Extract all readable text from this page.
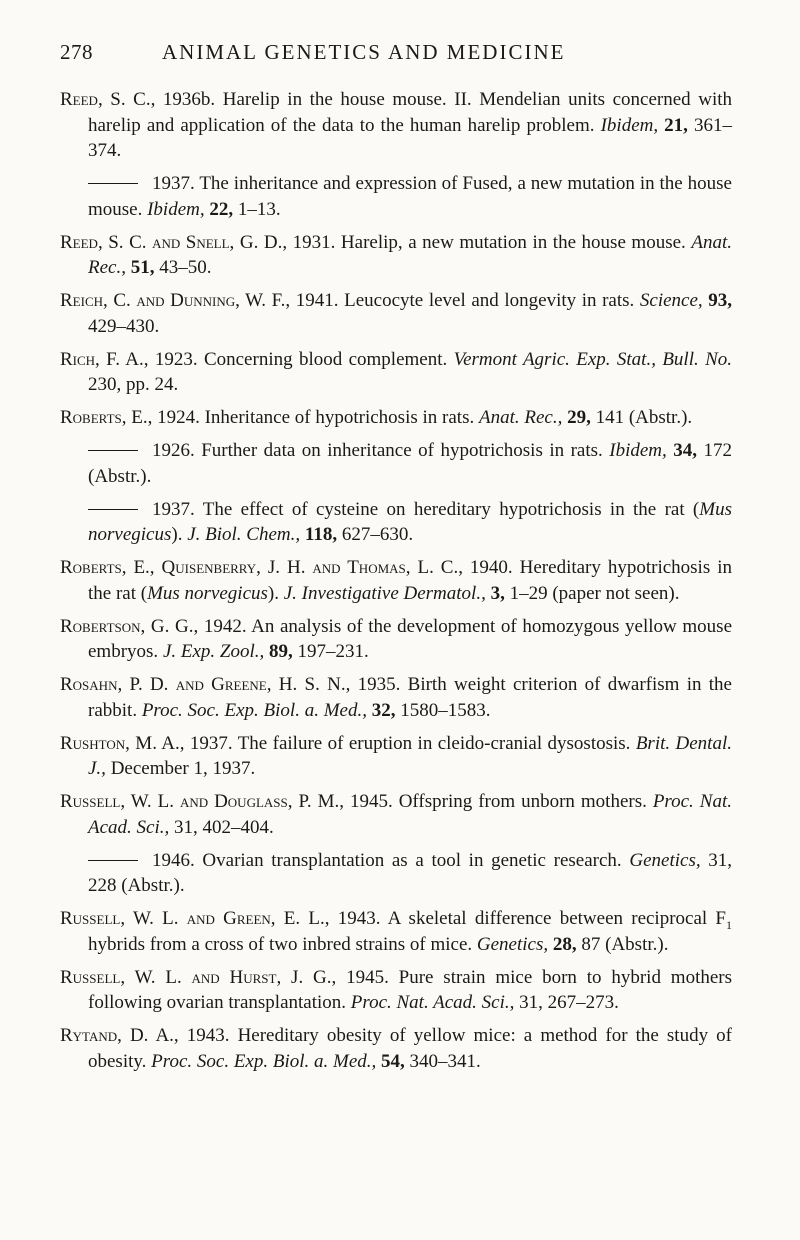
278	ANIMAL GENETICS AND MEDICINE

Reed, S. C., 1936b. Harelip in the house mouse. II. Mendelian units concerned with harelip and application of the data to the human harelip problem. Ibidem, 21, 361–374.

1937. The inheritance and expression of Fused, a new mutation in the house mouse. Ibidem, 22, 1–13.

Reed, S. C. and Snell, G. D., 1931. Harelip, a new mutation in the house mouse. Anat. Rec., 51, 43–50.

Reich, C. and Dunning, W. F., 1941. Leucocyte level and longevity in rats. Science, 93, 429–430.

Rich, F. A., 1923. Concerning blood complement. Vermont Agric. Exp. Stat., Bull. No. 230, pp. 24.

Roberts, E., 1924. Inheritance of hypotrichosis in rats. Anat. Rec., 29, 141 (Abstr.).

1926. Further data on inheritance of hypotrichosis in rats. Ibidem, 34, 172 (Abstr.).

1937. The effect of cysteine on hereditary hypotrichosis in the rat (Mus norvegicus). J. Biol. Chem., 118, 627–630.

Roberts, E., Quisenberry, J. H. and Thomas, L. C., 1940. Hereditary hypotrichosis in the rat (Mus norvegicus). J. Investigative Dermatol., 3, 1–29 (paper not seen).

Robertson, G. G., 1942. An analysis of the development of homozygous yellow mouse embryos. J. Exp. Zool., 89, 197–231.

Rosahn, P. D. and Greene, H. S. N., 1935. Birth weight criterion of dwarfism in the rabbit. Proc. Soc. Exp. Biol. a. Med., 32, 1580–1583.

Rushton, M. A., 1937. The failure of eruption in cleido-cranial dysostosis. Brit. Dental. J., December 1, 1937.

Russell, W. L. and Douglass, P. M., 1945. Offspring from unborn mothers. Proc. Nat. Acad. Sci., 31, 402–404.

1946. Ovarian transplantation as a tool in genetic research. Genetics, 31, 228 (Abstr.).

Russell, W. L. and Green, E. L., 1943. A skeletal difference between reciprocal $F_1$ hybrids from a cross of two inbred strains of mice. Genetics, 28, 87 (Abstr.).

Russell, W. L. and Hurst, J. G., 1945. Pure strain mice born to hybrid mothers following ovarian transplantation. Proc. Nat. Acad. Sci., 31, 267–273.

Rytand, D. A., 1943. Hereditary obesity of yellow mice: a method for the study of obesity. Proc. Soc. Exp. Biol. a. Med., 54, 340–341.
